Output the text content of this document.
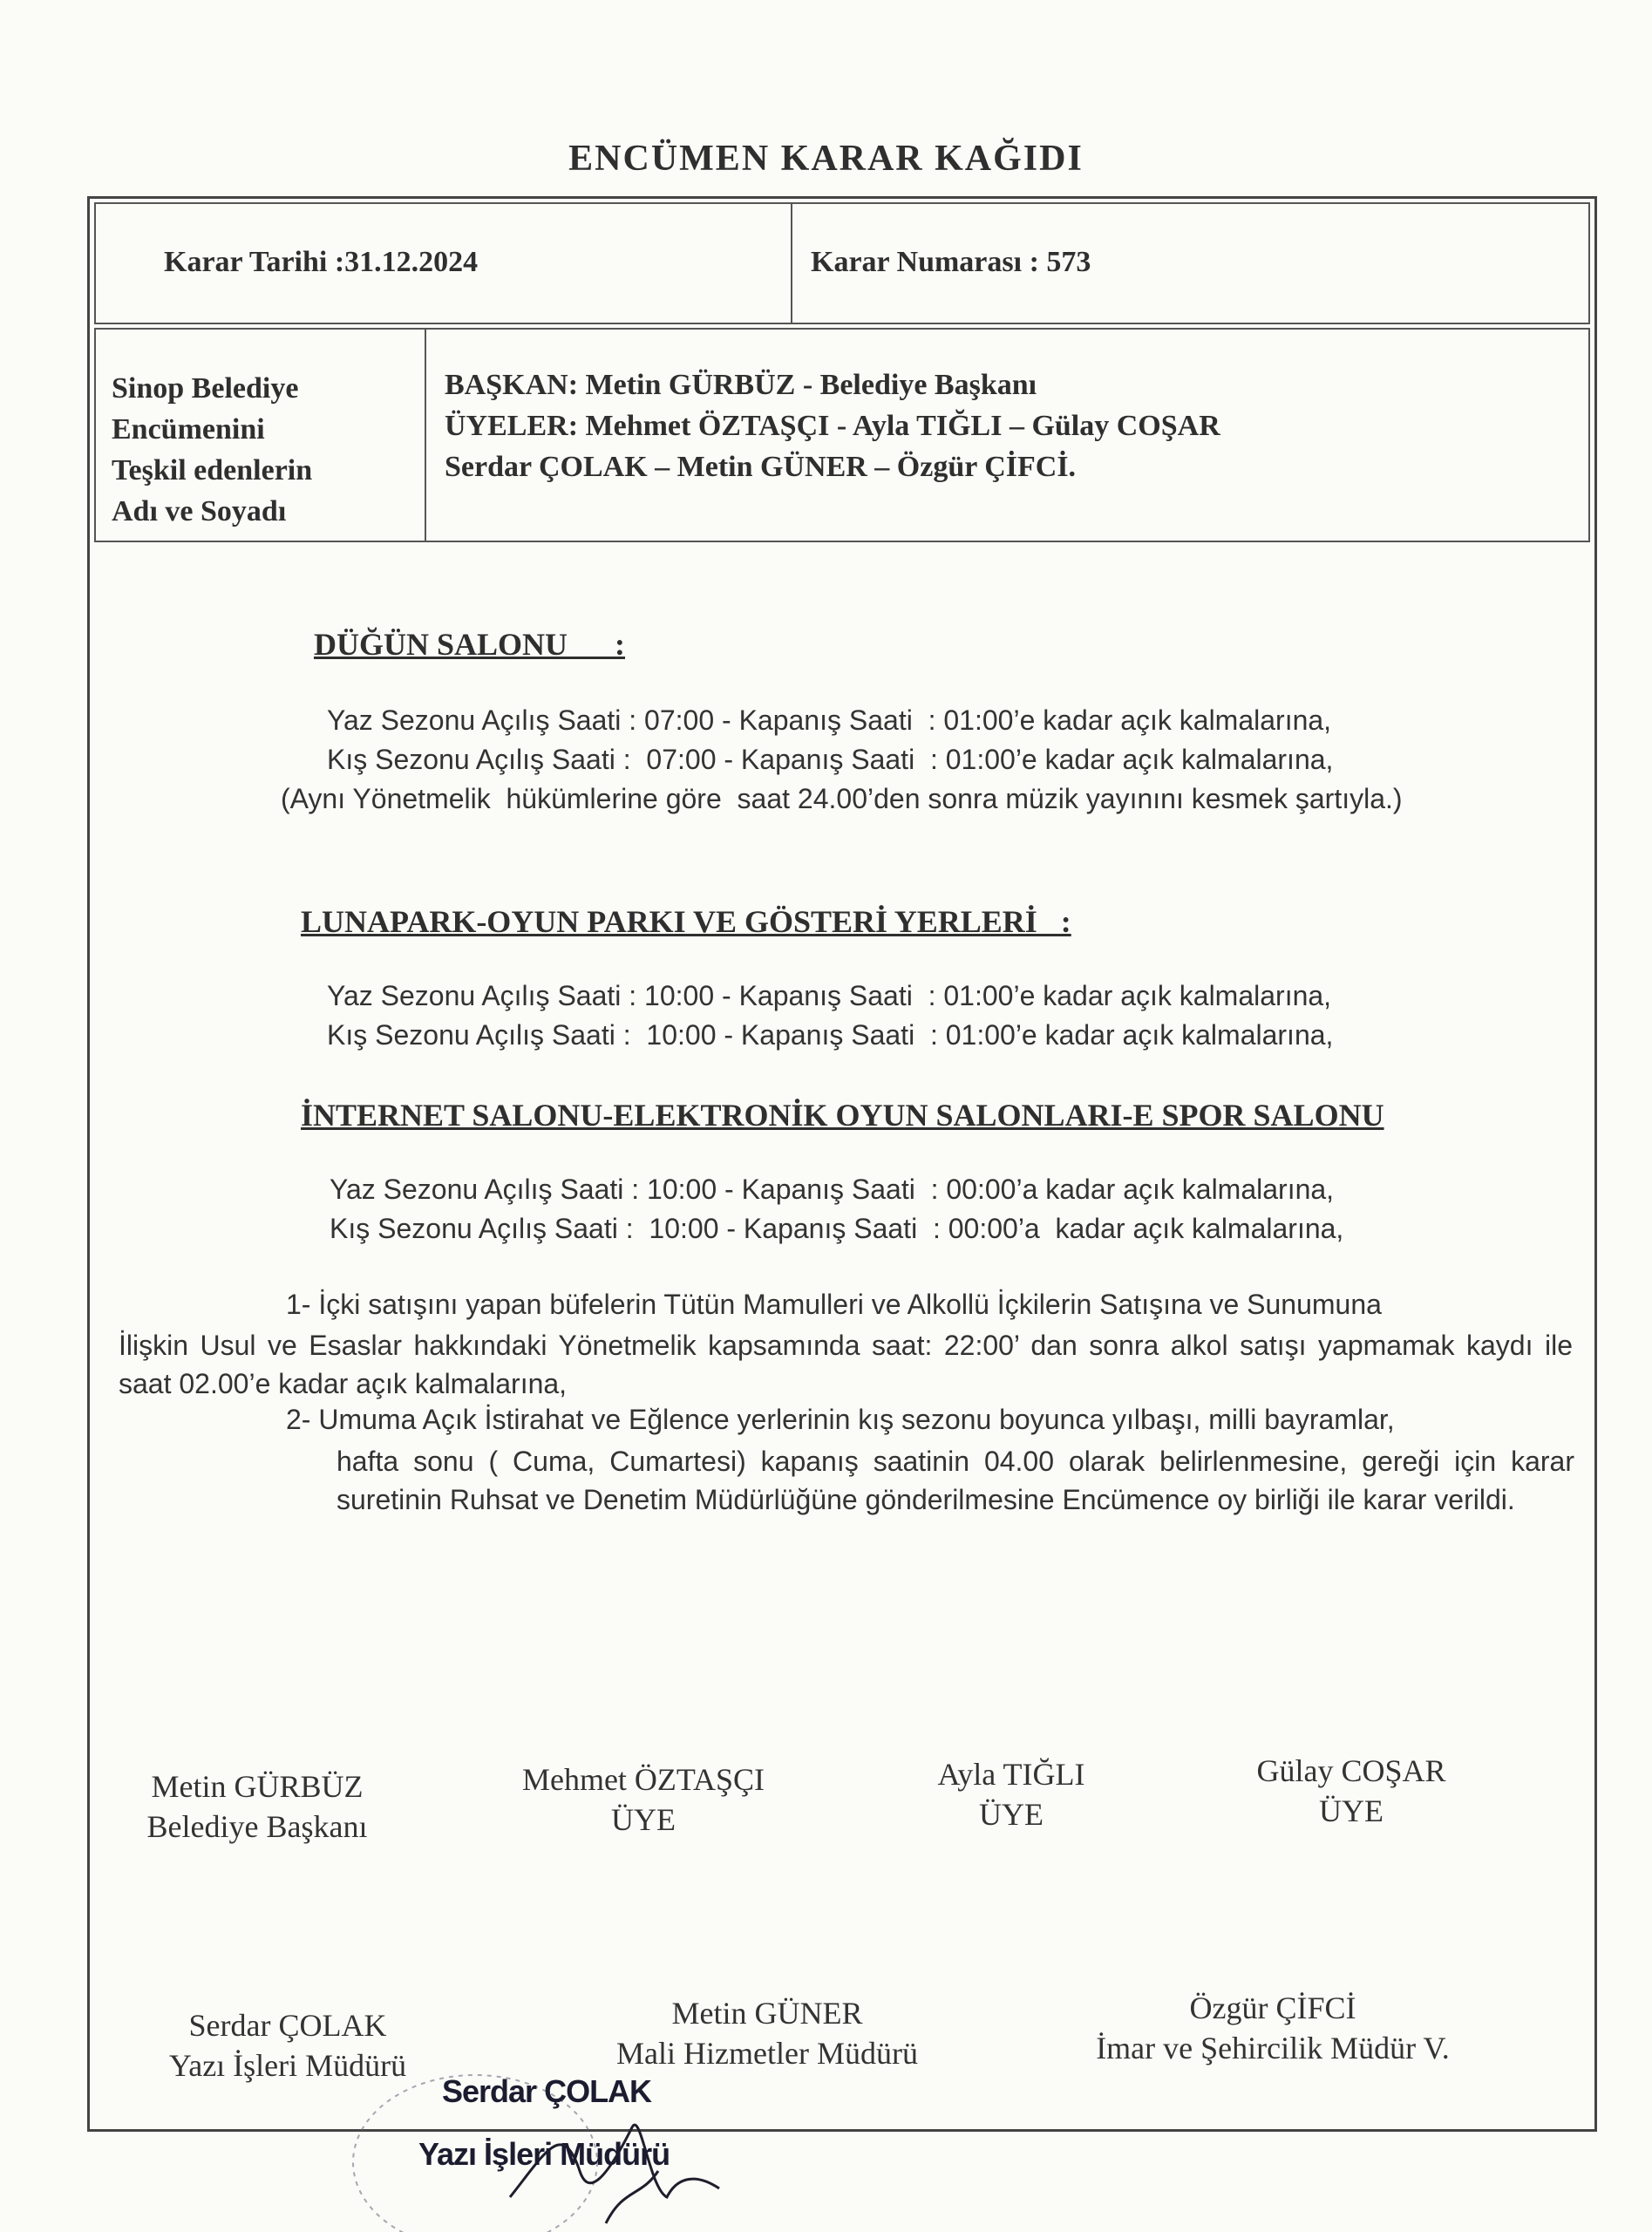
ENCÜMEN KARAR KAĞIDI
Karar Tarihi :31.12.2024	Karar Numarası : 573
Sinop Belediye
Encümenini
Teşkil edenlerin
Adı ve Soyadı
BAŞKAN: Metin GÜRBÜZ - Belediye Başkanı
ÜYELER: Mehmet ÖZTAŞÇI - Ayla TIĞLI – Gülay COŞAR
Serdar ÇOLAK – Metin GÜNER – Özgür ÇİFCİ.
DÜĞÜN SALONU      :
Yaz Sezonu Açılış Saati : 07:00 - Kapanış Saati  : 01:00’e kadar açık kalmalarına,
Kış Sezonu Açılış Saati :  07:00 - Kapanış Saati  : 01:00’e kadar açık kalmalarına,
(Aynı Yönetmelik  hükümlerine göre  saat 24.00’den sonra müzik yayınını kesmek şartıyla.)
LUNAPARK-OYUN PARKI VE GÖSTERİ YERLERİ   :
Yaz Sezonu Açılış Saati : 10:00 - Kapanış Saati  : 01:00’e kadar açık kalmalarına,
Kış Sezonu Açılış Saati :  10:00 - Kapanış Saati  : 01:00’e kadar açık kalmalarına,
İNTERNET SALONU-ELEKTRONİK OYUN SALONLARI-E SPOR SALONU
Yaz Sezonu Açılış Saati : 10:00 - Kapanış Saati  : 00:00’a kadar açık kalmalarına,
Kış Sezonu Açılış Saati :  10:00 - Kapanış Saati  : 00:00’a  kadar açık kalmalarına,
1- İçki satışını yapan büfelerin Tütün Mamulleri ve Alkollü İçkilerin Satışına ve Sunumuna
İlişkin Usul ve Esaslar hakkındaki Yönetmelik kapsamında saat: 22:00’ dan sonra alkol satışı yapmamak kaydı ile saat 02.00’e kadar açık kalmalarına,
2- Umuma Açık İstirahat ve Eğlence yerlerinin kış sezonu boyunca yılbaşı, milli bayramlar,
hafta sonu ( Cuma, Cumartesi) kapanış saatinin 04.00 olarak belirlenmesine, gereği için karar suretinin Ruhsat ve Denetim Müdürlüğüne gönderilmesine Encümence oy birliği ile karar verildi.
Metin GÜRBÜZ
Belediye Başkanı
Mehmet ÖZTAŞÇI
ÜYE
Ayla TIĞLI
ÜYE
Gülay COŞAR
ÜYE
Serdar ÇOLAK
Yazı İşleri Müdürü
Metin GÜNER
Mali Hizmetler Müdürü
Özgür ÇİFCİ
İmar ve Şehircilik Müdür V.
Serdar ÇOLAK
Yazı İşleri Müdürü
